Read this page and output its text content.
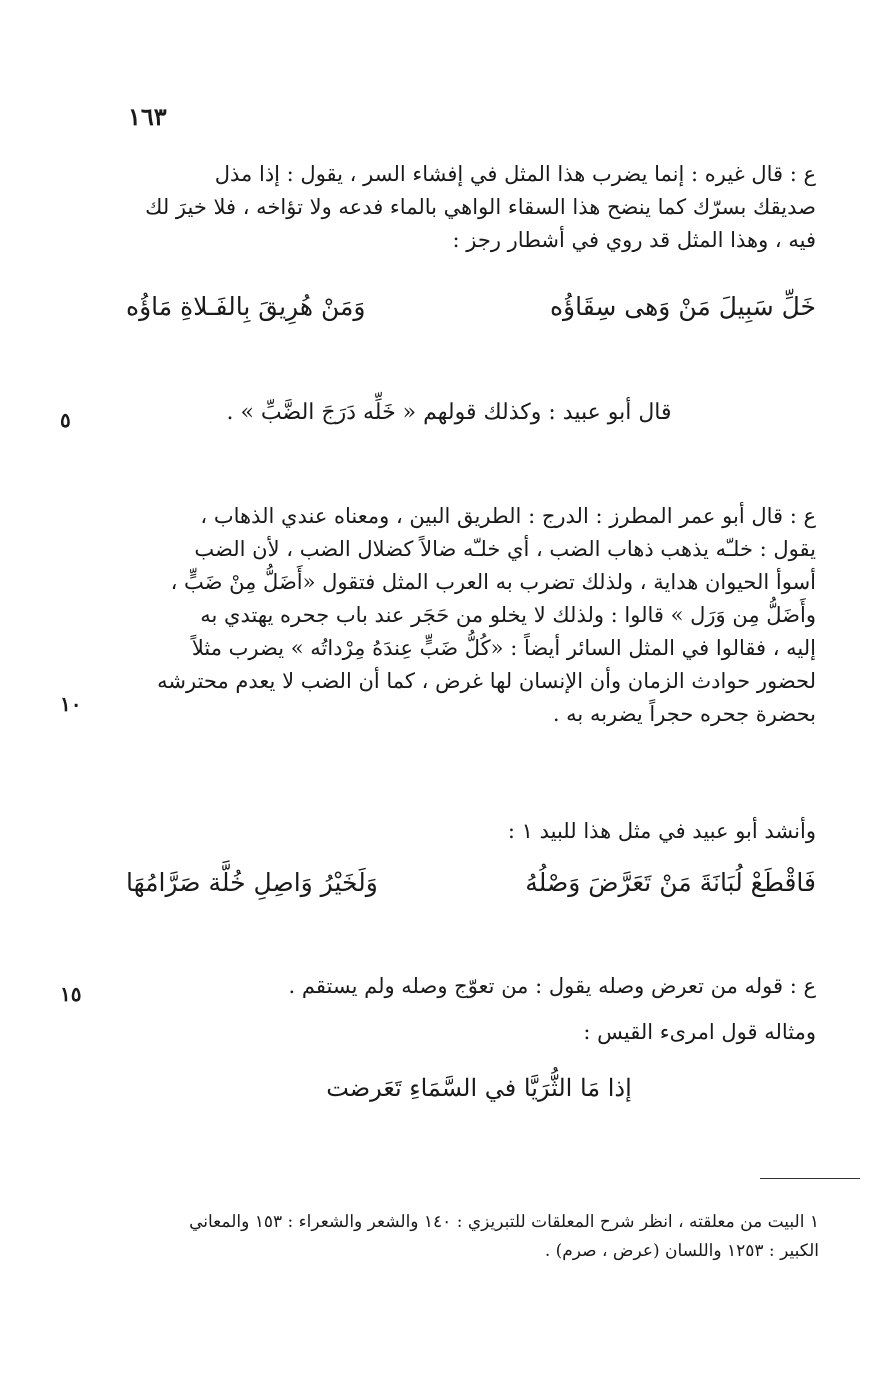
١٦٣

ع : قال غيره : إنما يضرب هذا المثل في إفشاء السر ، يقول : إذا مذل

صديقك بسرّك كما ينضح هذا السقاء الواهي بالماء فدعه ولا تؤاخه ، فلا خيرَ لك

فيه ، وهذا المثل قد روي في أشطار رجز :

خَلِّ سَبِيلَ مَنْ وَهى سِقَاؤُه
وَمَنْ هُرِيقَ بِالفَـلاةِ مَاؤُه
قال أبو عبيد : وكذلك قولهم « خَلِّه دَرَجَ الضَّبِّ » .
٥

ع : قال أبو عمر المطرز : الدرج : الطريق البين ، ومعناه عندي الذهاب ،

يقول : خلـّه يذهب ذهاب الضب ، أي خلـّه ضالاً كضلال الضب ، لأن الضب

أسوأ الحيوان هداية ، ولذلك تضرب به العرب المثل فتقول «أَضَلُّ مِنْ ضَبٍّ ،

وأَضَلُّ مِن وَرَل » قالوا : ولذلك لا يخلو من حَجَر عند باب جحره يهتدي به

إليه ، فقالوا في المثل السائر أيضاً : «كُلُّ ضَبٍّ عِندَهُ مِرْداتُه » يضرب مثلاً

لحضور حوادث الزمان وأن الإنسان لها غرض ، كما أن الضب لا يعدم محترشه

بحضرة جحره حجراً يضربه به .

١٠

وأنشد أبو عبيد في مثل هذا للبيد ١ :

فَاقْطَعْ لُبَانَةَ مَنْ تَعَرَّضَ وَصْلُهُ
وَلَخَيْرُ وَاصِلِ خُلَّة صَرَّامُهَا

ع : قوله من تعرض وصله يقول : من تعوّج وصله ولم يستقم .

١٥

ومثاله قول امرىء القيس :

إذا مَا الثُّرَيَّا في السَّمَاءِ تَعَرضت

١ البيت من معلقته ، انظر شرح المعلقات للتبريزي : ١٤٠ والشعر والشعراء : ١٥٣ والمعاني

الكبير : ١٢٥٣ واللسان (عرض ، صرم) .
